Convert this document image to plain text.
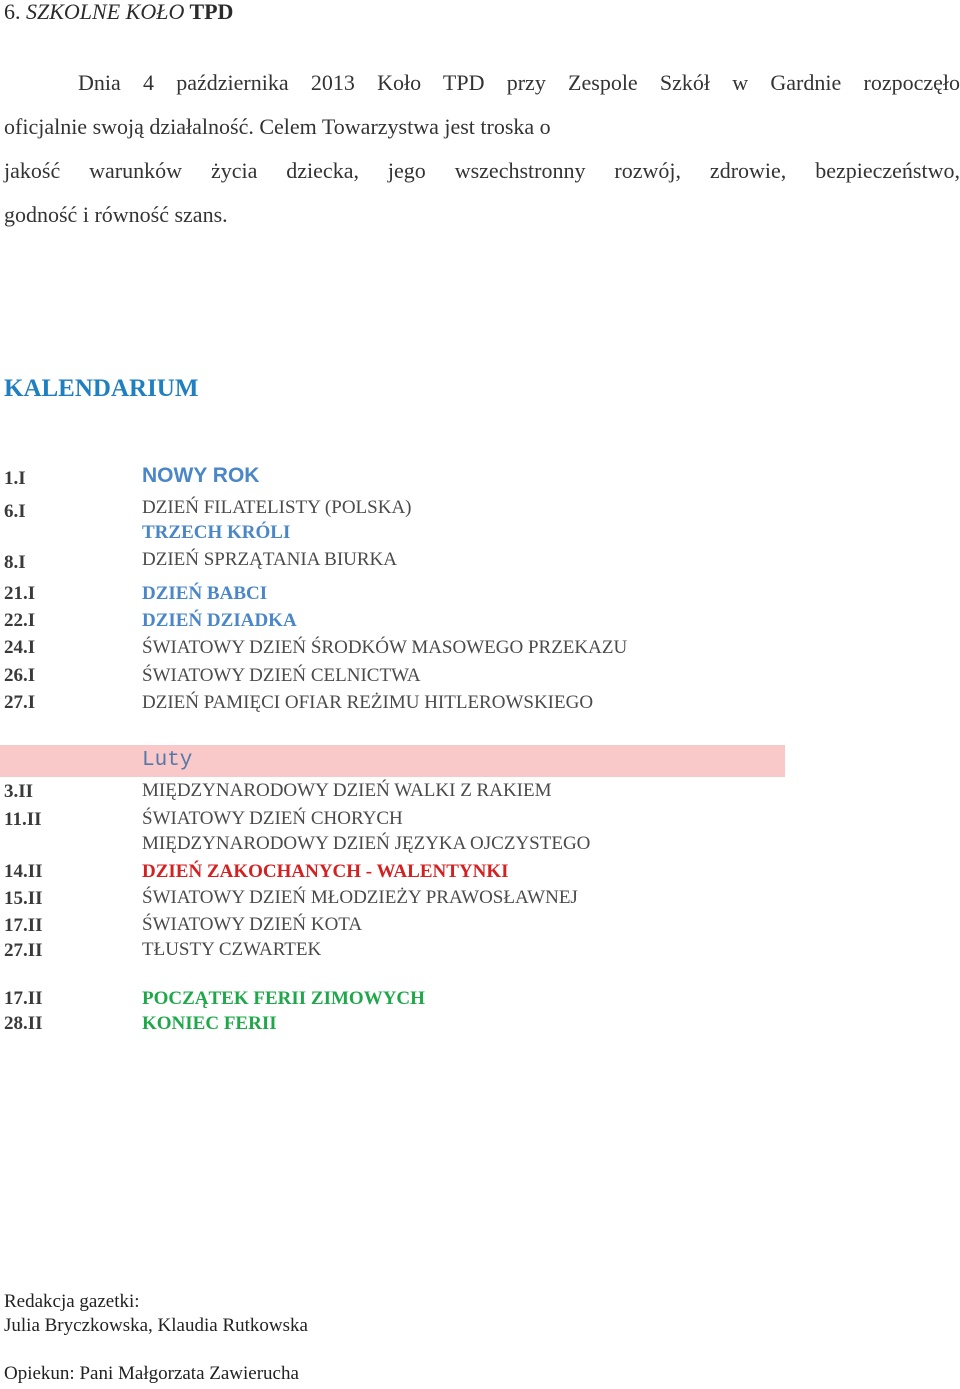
6. SZKOLNE KOŁO TPD
Dnia 4 października 2013 Koło TPD przy Zespole Szkół w Gardnie rozpoczęło
oficjalnie swoją działalność. Celem Towarzystwa jest troska o
jakość warunków życia dziecka, jego wszechstronny rozwój, zdrowie, bezpieczeństwo,
godność i równość szans.
KALENDARIUM
1.I	NOWY ROK
6.I	DZIEŃ FILATELISTY (POLSKA)
TRZECH KRÓLI
8.I	DZIEŃ SPRZĄTANIA BIURKA
21.I	DZIEŃ BABCI
22.I	DZIEŃ DZIADKA
24.I	ŚWIATOWY DZIEŃ ŚRODKÓW MASOWEGO PRZEKAZU
26.I	ŚWIATOWY DZIEŃ CELNICTWA
27.I	DZIEŃ PAMIĘCI OFIAR REŻIMU HITLEROWSKIEGO
Luty
3.II	MIĘDZYNARODOWY DZIEŃ WALKI Z RAKIEM
11.II	ŚWIATOWY DZIEŃ CHORYCH
MIĘDZYNARODOWY DZIEŃ JĘZYKA OJCZYSTEGO
14.II	DZIEŃ ZAKOCHANYCH - WALENTYNKI
15.II	ŚWIATOWY DZIEŃ MŁODZIEŻY PRAWOSŁAWNEJ
17.II	ŚWIATOWY DZIEŃ KOTA
27.II	TŁUSTY CZWARTEK
17.II	POCZĄTEK FERII ZIMOWYCH
28.II	KONIEC FERII
Redakcja gazetki:
Julia Bryczkowska, Klaudia Rutkowska
Opiekun: Pani Małgorzata Zawierucha
